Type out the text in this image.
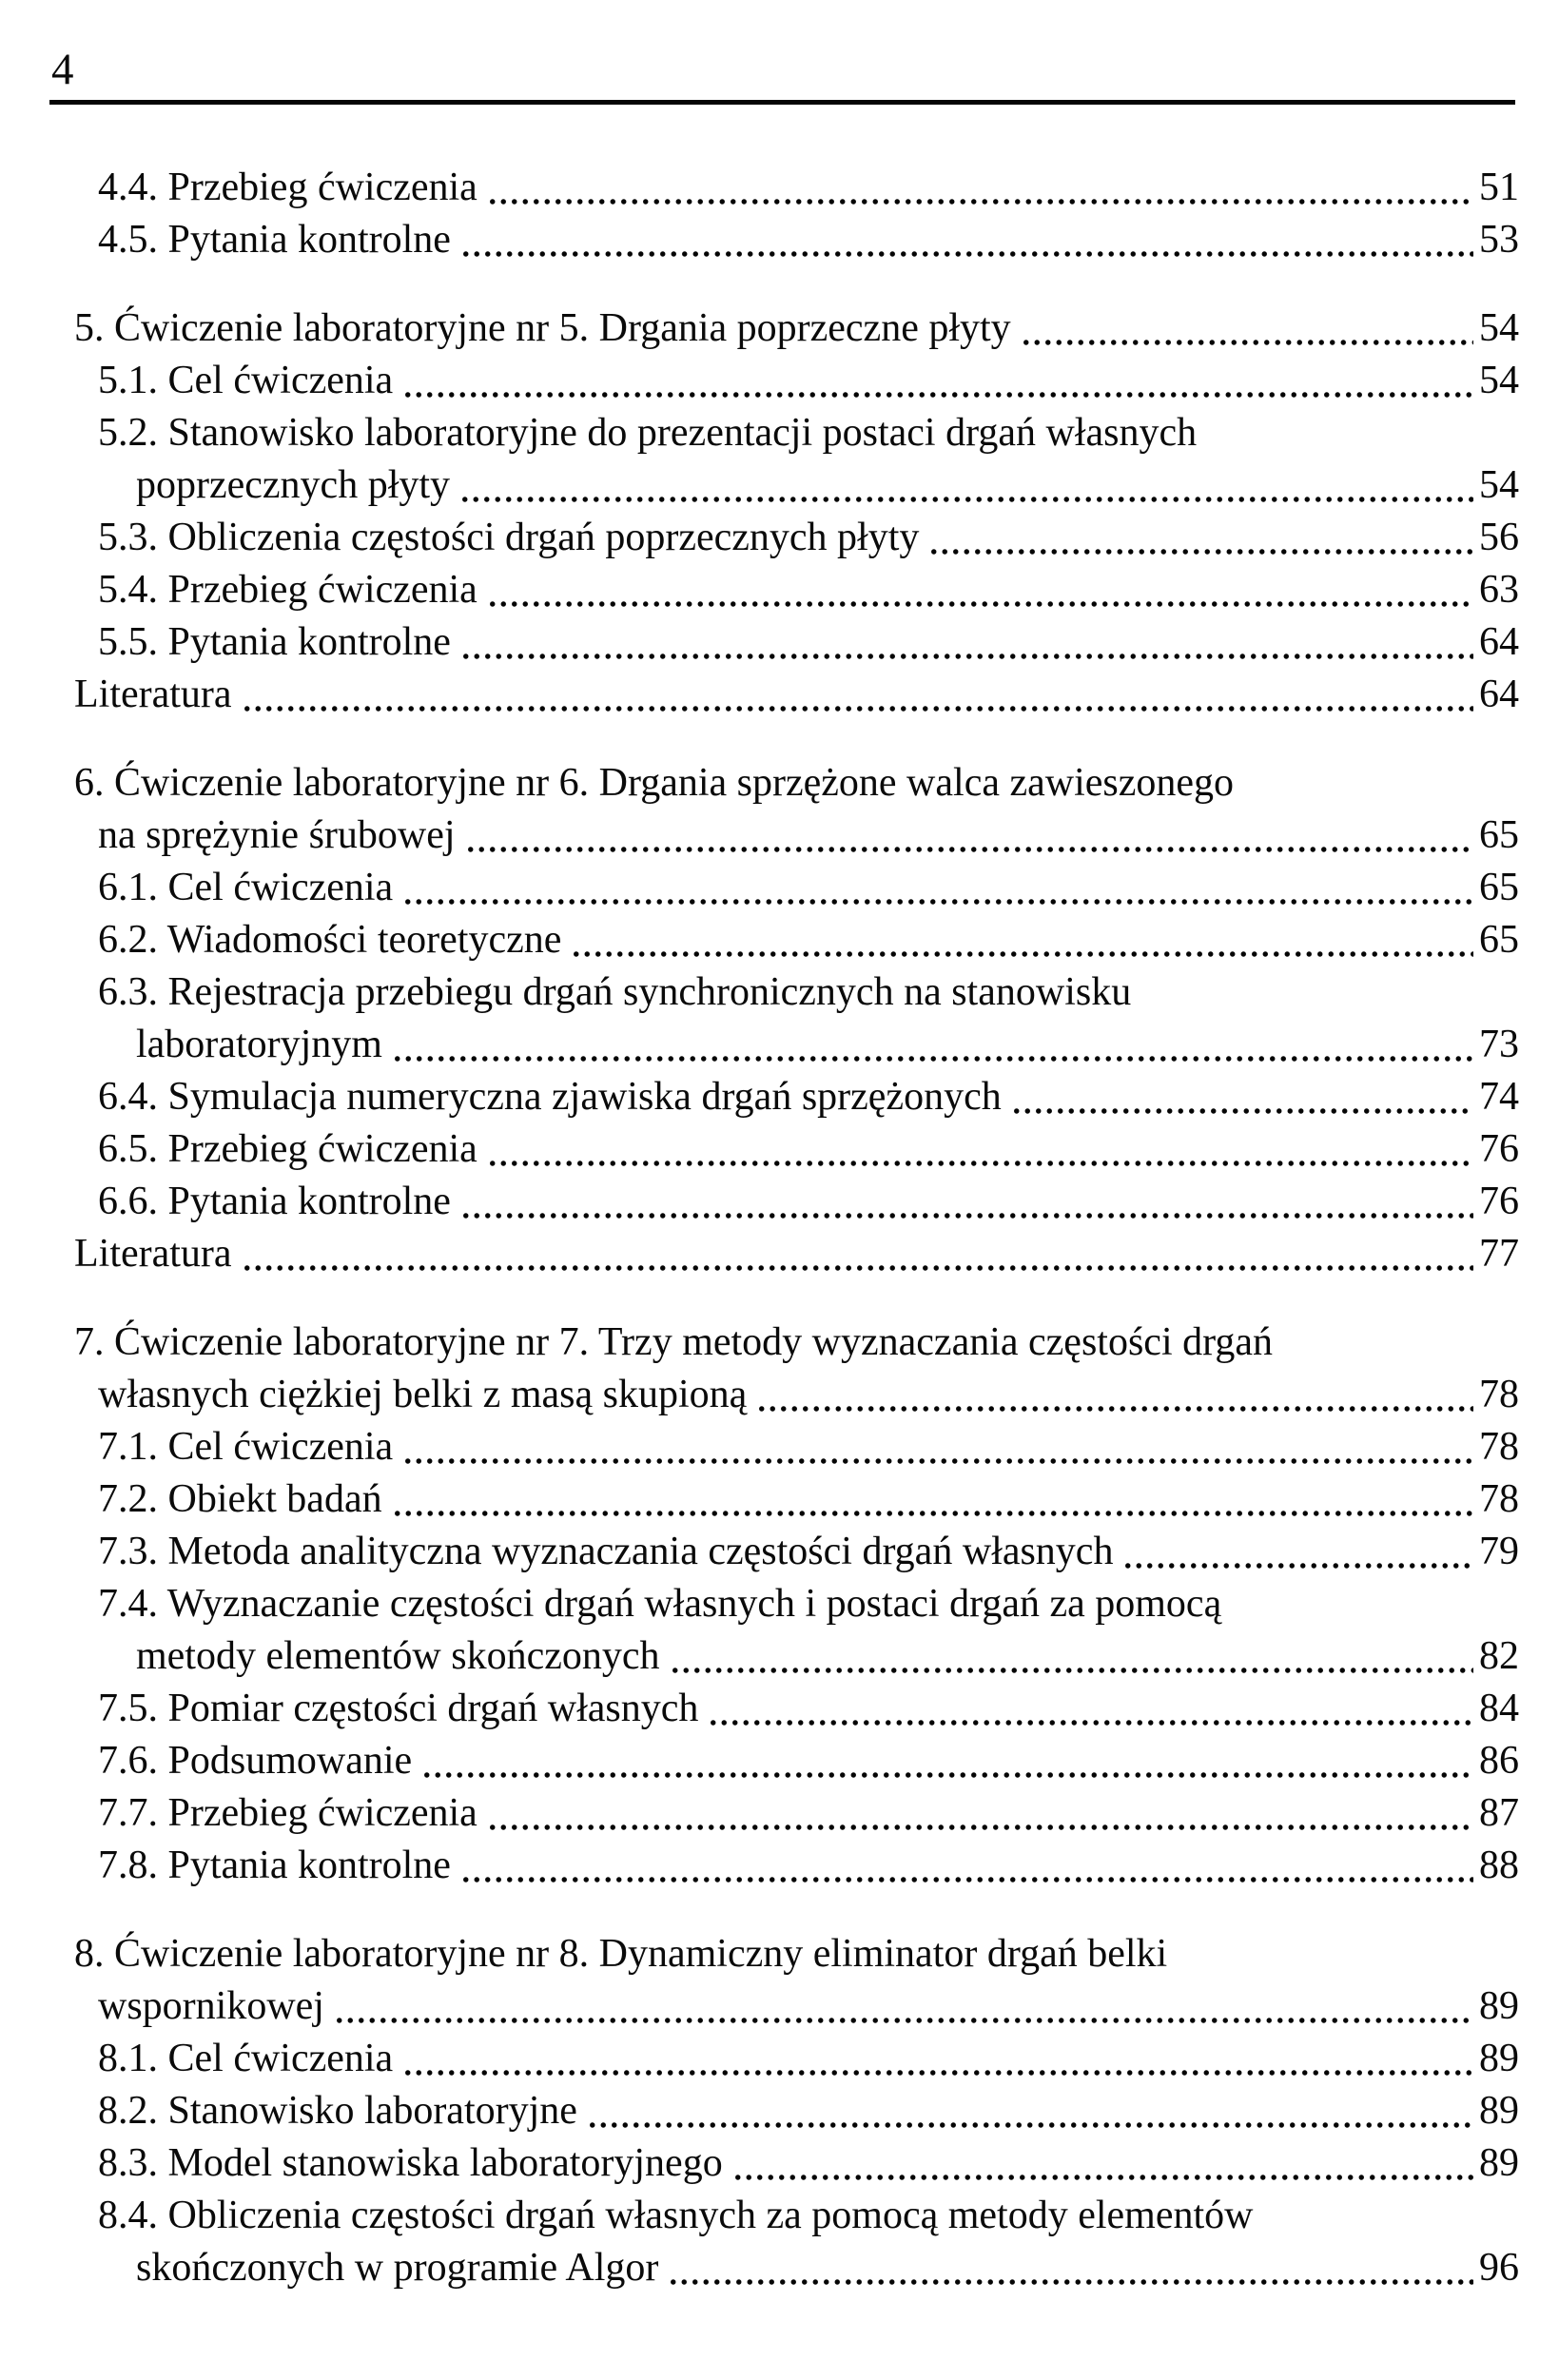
4
4.4. Przebieg ćwiczenia	51
4.5. Pytania kontrolne	53
5. Ćwiczenie laboratoryjne nr 5. Drgania poprzeczne płyty	54
5.1. Cel ćwiczenia	54
5.2. Stanowisko laboratoryjne do prezentacji postaci drgań własnych
poprzecznych płyty	54
5.3. Obliczenia częstości drgań poprzecznych płyty	56
5.4. Przebieg ćwiczenia	63
5.5. Pytania kontrolne	64
Literatura	64
6. Ćwiczenie laboratoryjne nr 6. Drgania sprzężone walca zawieszonego
na sprężynie śrubowej	65
6.1. Cel ćwiczenia	65
6.2. Wiadomości teoretyczne	65
6.3. Rejestracja przebiegu drgań synchronicznych na stanowisku
laboratoryjnym	73
6.4. Symulacja numeryczna zjawiska drgań sprzężonych	74
6.5. Przebieg ćwiczenia	76
6.6. Pytania kontrolne	76
Literatura	77
7. Ćwiczenie laboratoryjne nr 7. Trzy metody wyznaczania częstości drgań
własnych ciężkiej belki z masą skupioną	78
7.1. Cel ćwiczenia	78
7.2. Obiekt badań	78
7.3. Metoda analityczna wyznaczania częstości drgań własnych	79
7.4. Wyznaczanie częstości drgań własnych i postaci drgań za pomocą
metody elementów skończonych	82
7.5. Pomiar częstości drgań własnych	84
7.6. Podsumowanie	86
7.7. Przebieg ćwiczenia	87
7.8. Pytania kontrolne	88
8. Ćwiczenie laboratoryjne nr 8. Dynamiczny eliminator drgań belki
wspornikowej	89
8.1. Cel ćwiczenia	89
8.2. Stanowisko laboratoryjne	89
8.3. Model stanowiska laboratoryjnego	89
8.4. Obliczenia częstości drgań własnych za pomocą metody elementów
skończonych w programie Algor	96
